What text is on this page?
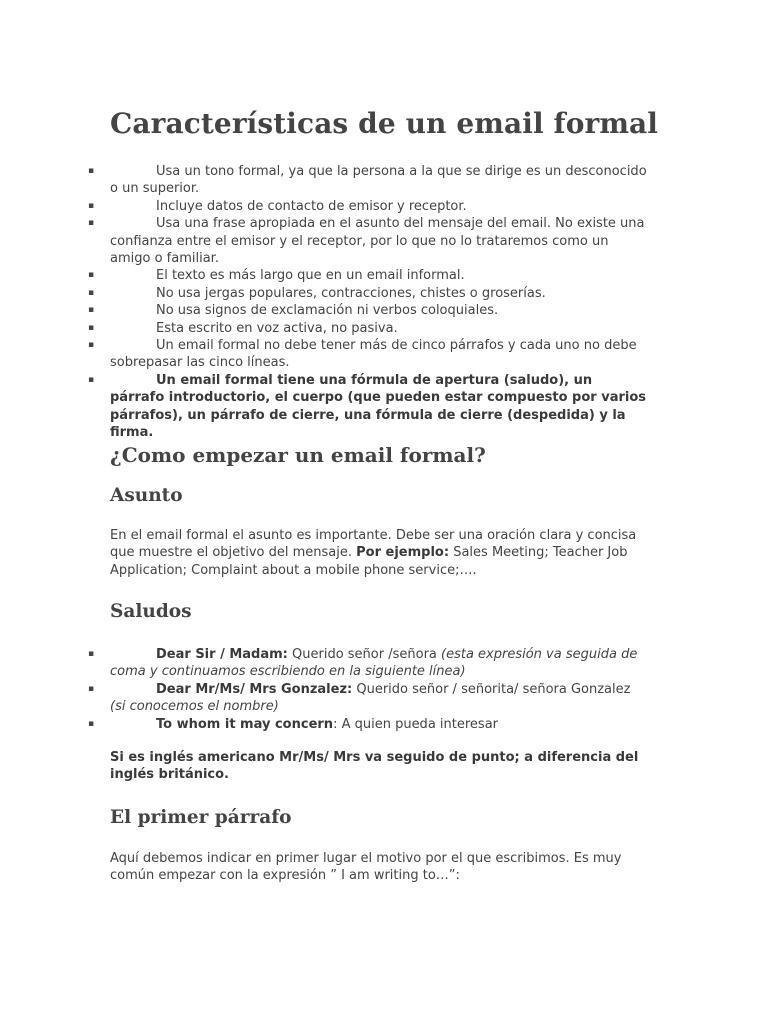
Características de un email formal
▪	Usa un tono formal, ya que la persona a la que se dirige es un desconocido o un superior.
▪	Incluye datos de contacto de emisor y receptor.
▪	Usa una frase apropiada en el asunto del mensaje del email. No existe una confianza entre el emisor y el receptor, por lo que no lo trataremos como un amigo o familiar.
▪	El texto es más largo que en un email informal.
▪	No usa jergas populares, contracciones, chistes o groserías.
▪	No usa signos de exclamación ni verbos coloquiales.
▪	Esta escrito en voz activa, no pasiva.
▪	Un email formal no debe tener más de cinco párrafos y cada uno no debe sobrepasar las cinco líneas.
▪	Un email formal tiene una fórmula de apertura (saludo), un párrafo introductorio, el cuerpo (que pueden estar compuesto por varios párrafos), un párrafo de cierre, una fórmula de cierre (despedida) y la firma.
¿Como empezar un email formal?
Asunto

En el email formal el asunto es importante. Debe ser una oración clara y concisa que muestre el objetivo del mensaje. Por ejemplo: Sales Meeting; Teacher Job Application; Complaint about a mobile phone service;….

Saludos
▪	Dear Sir / Madam: Querido señor /señora (esta expresión va seguida de coma y continuamos escribiendo en la siguiente línea)
▪	Dear Mr/Ms/ Mrs Gonzalez: Querido señor / señorita/ señora Gonzalez (si conocemos el nombre)
▪	To whom it may concern: A quien pueda interesar

Si es inglés americano Mr/Ms/ Mrs va seguido de punto; a diferencia del inglés británico.

El primer párrafo

Aquí debemos indicar en primer lugar el motivo por el que escribimos. Es muy común empezar con la expresión ” I am writing to…”:
